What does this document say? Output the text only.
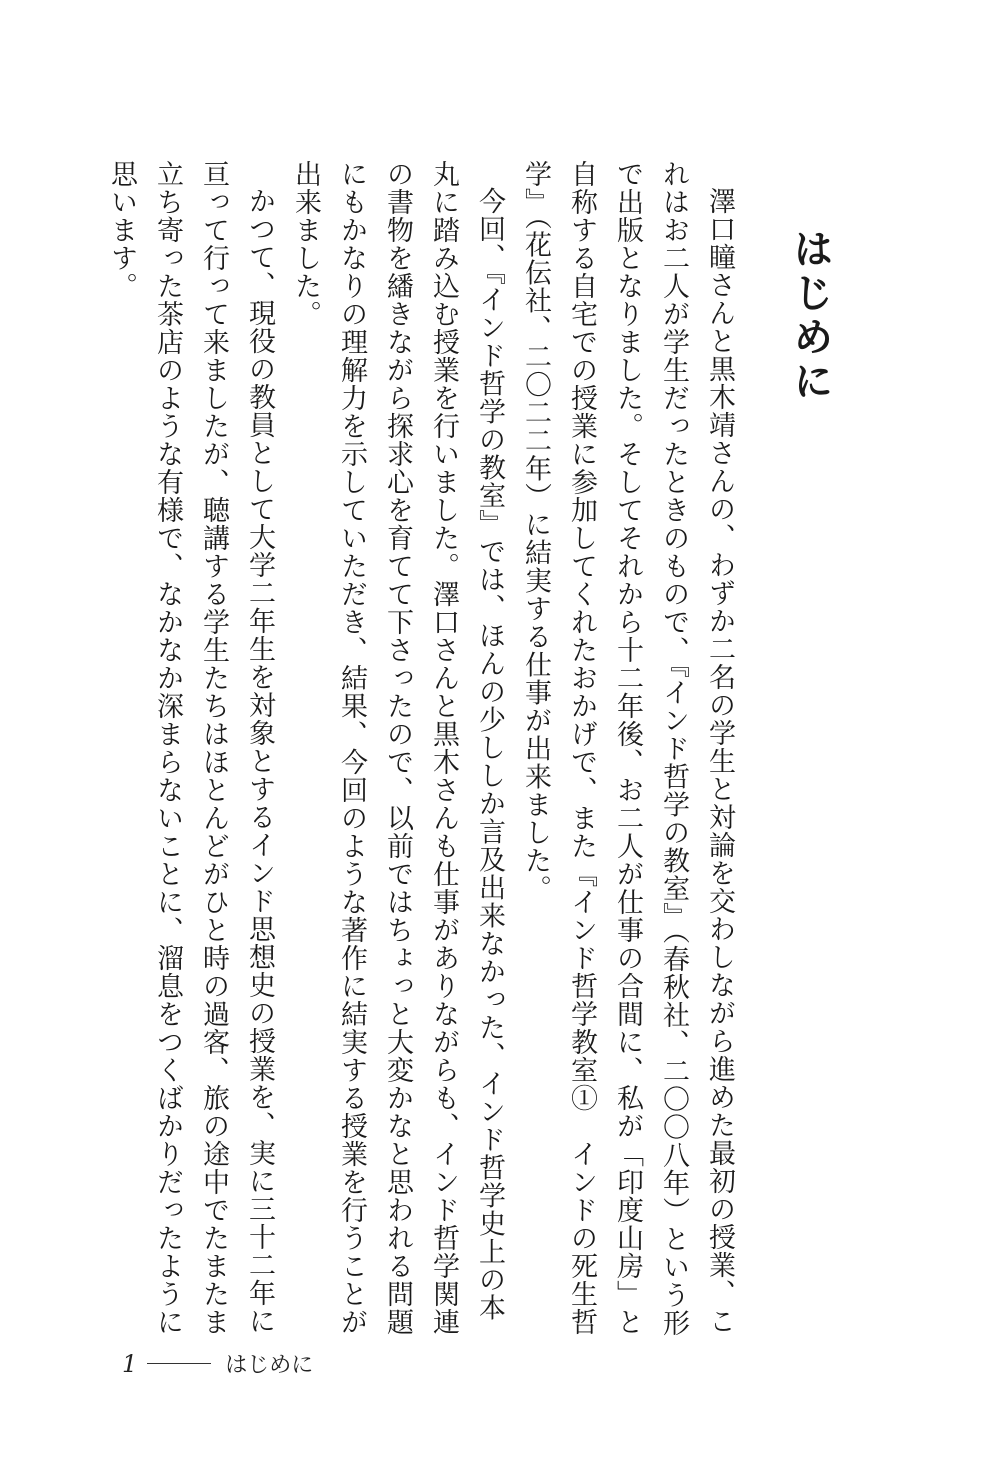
はじめに
澤口瞳さんと黒木靖さんの、わずか二名の学生と対論を交わしながら進めた最初の授業、こ
れはお二人が学生だったときのもので、『インド哲学の教室』（春秋社、二〇〇八年）という形
で出版となりました。そしてそれから十二年後、お二人が仕事の合間に、私が「印度山房」と
自称する自宅での授業に参加してくれたおかげで、また『インド哲学教室①　インドの死生哲
学』（花伝社、二〇二二年）に結実する仕事が出来ました。
今回、『インド哲学の教室』では、ほんの少ししか言及出来なかった、インド哲学史上の本
丸に踏み込む授業を行いました。澤口さんと黒木さんも仕事がありながらも、インド哲学関連
の書物を繙きながら探求心を育てて下さったので、以前ではちょっと大変かなと思われる問題
にもかなりの理解力を示していただき、結果、今回のような著作に結実する授業を行うことが
出来ました。
かつて、現役の教員として大学二年生を対象とするインド思想史の授業を、実に三十二年に
亘って行って来ましたが、聴講する学生たちはほとんどがひと時の過客、旅の途中でたまたま
立ち寄った茶店のような有様で、なかなか深まらないことに、溜息をつくばかりだったように
思います。
1	はじめに
